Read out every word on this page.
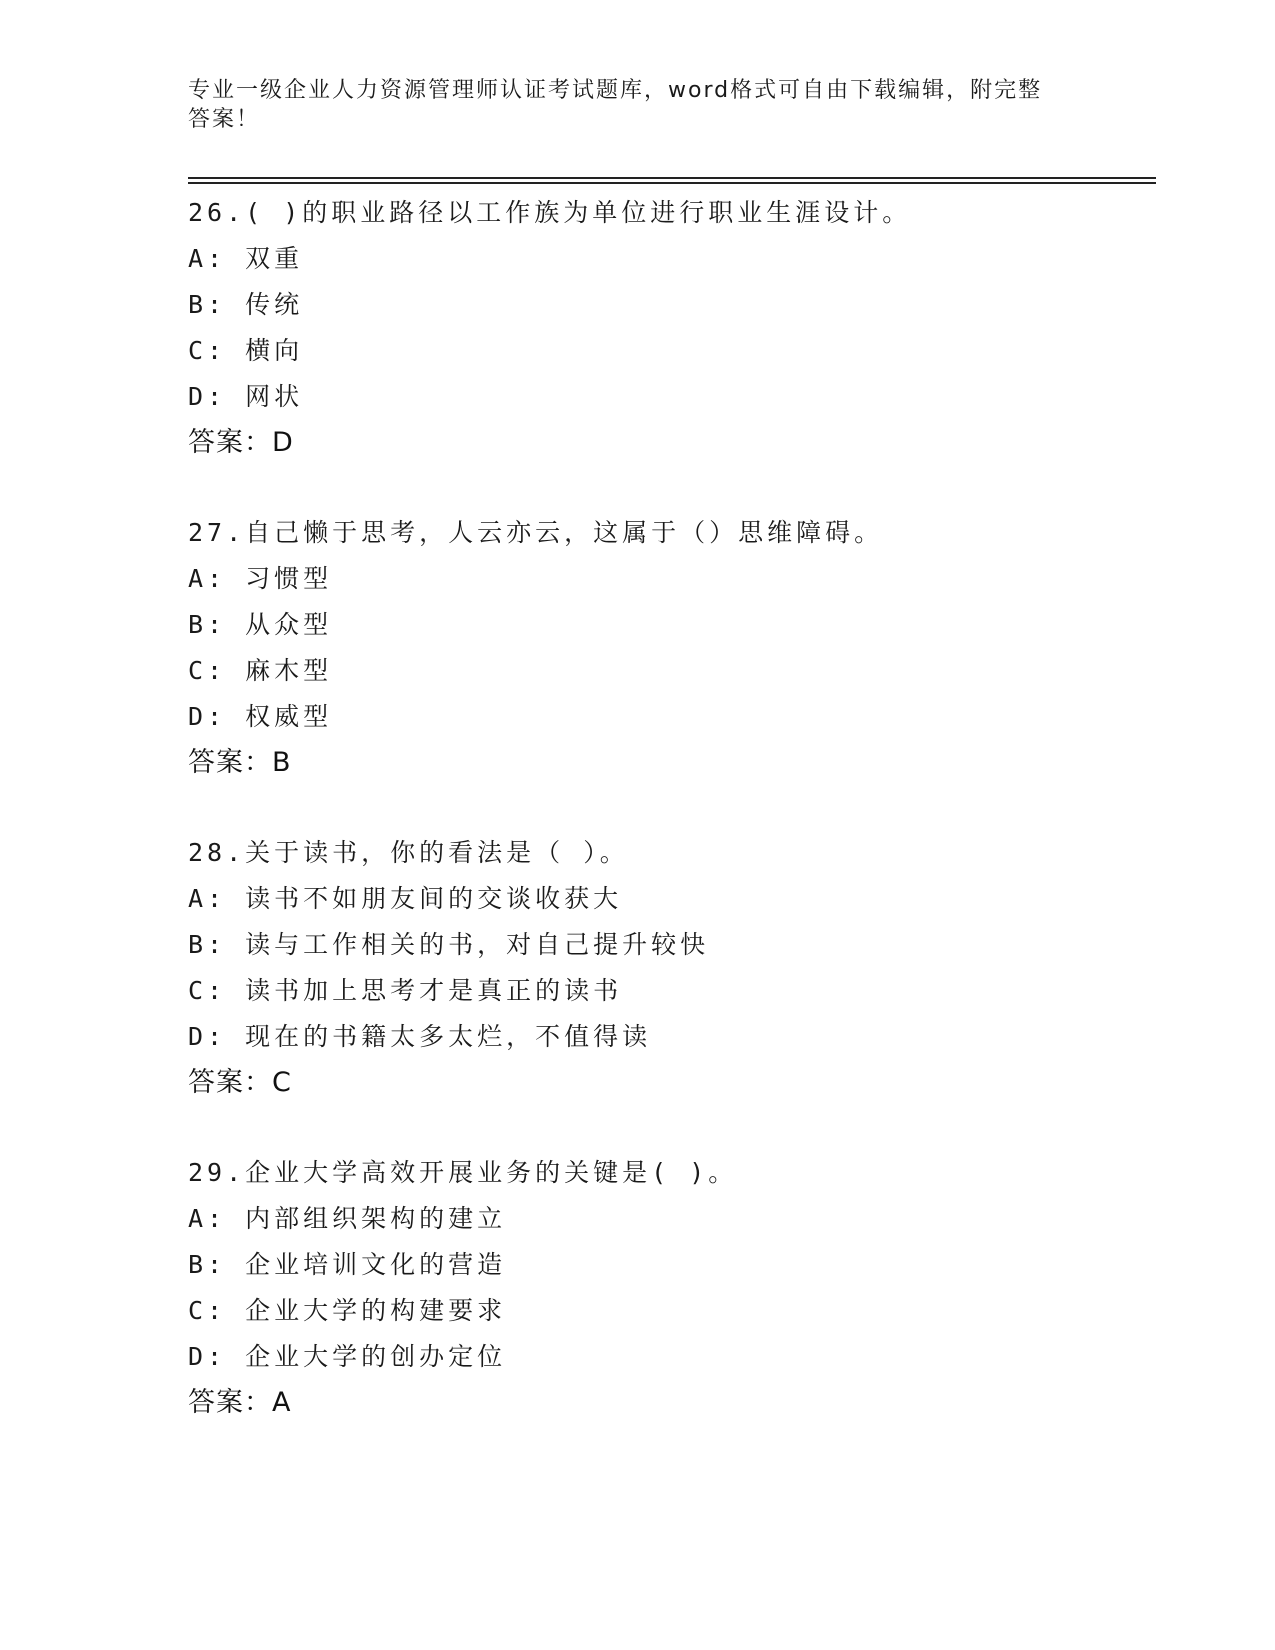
专业一级企业人力资源管理师认证考试题库，word格式可自由下载编辑，附完整
答案！
26.( )的职业路径以工作族为单位进行职业生涯设计。
A: 双重
B: 传统
C: 横向
D: 网状
答案：D
27.自己懒于思考，人云亦云，这属于（）思维障碍。
A: 习惯型
B: 从众型
C: 麻木型
D: 权威型
答案：B
28.关于读书，你的看法是（ ）。
A: 读书不如朋友间的交谈收获大
B: 读与工作相关的书，对自己提升较快
C: 读书加上思考才是真正的读书
D: 现在的书籍太多太烂，不值得读
答案：C
29.企业大学高效开展业务的关键是( )。
A: 内部组织架构的建立
B: 企业培训文化的营造
C: 企业大学的构建要求
D: 企业大学的创办定位
答案：A
